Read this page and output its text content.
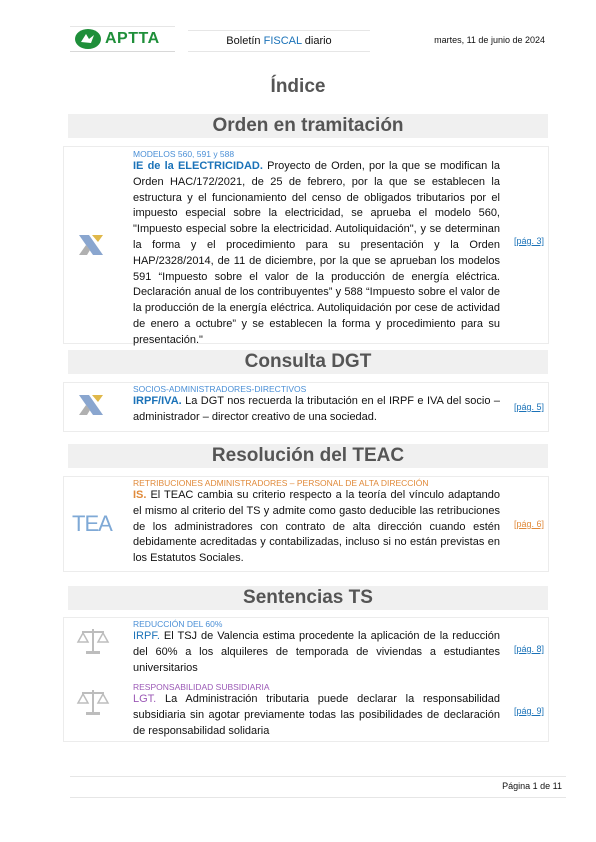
APTTA	Boletín FISCAL diario	martes, 11 de junio de 2024
Índice
Orden en tramitación
MODELOS 560, 591 y 588
IE de la ELECTRICIDAD. Proyecto de Orden, por la que se modifican la Orden HAC/172/2021, de 25 de febrero, por la que se establecen la estructura y el funcionamiento del censo de obligados tributarios por el impuesto especial sobre la electricidad, se aprueba el modelo 560, "Impuesto especial sobre la electricidad. Autoliquidación", y se determinan la forma y el procedimiento para su presentación y la Orden HAP/2328/2014, de 11 de diciembre, por la que se aprueban los modelos 591 “Impuesto sobre el valor de la producción de energía eléctrica. Declaración anual de los contribuyentes” y 588 “Impuesto sobre el valor de la producción de la energía eléctrica. Autoliquidación por cese de actividad de enero a octubre” y se establecen la forma y procedimiento para su presentación."
[pág. 3]
Consulta DGT
SOCIOS-ADMINISTRADORES-DIRECTIVOS
IRPF/IVA. La DGT nos recuerda la tributación en el IRPF e IVA del socio – administrador – director creativo de una sociedad.
[pág. 5]
Resolución del TEAC
TEA
RETRIBUCIONES ADMINISTRADORES – PERSONAL DE ALTA DIRECCIÓN
IS. El TEAC cambia su criterio respecto a la teoría del vínculo adaptando el mismo al criterio del TS y admite como gasto deducible las retribuciones de los administradores con contrato de alta dirección cuando estén debidamente acreditadas y contabilizadas, incluso si no están previstas en los Estatutos Sociales.
[pág. 6]
Sentencias TS
REDUCCIÓN DEL 60%
IRPF. El TSJ de Valencia estima procedente la aplicación de la reducción del 60% a los alquileres de temporada de viviendas a estudiantes universitarios
[pág. 8]
RESPONSABILIDAD SUBSIDIARIA
LGT. La Administración tributaria puede declarar la responsabilidad subsidiaria sin agotar previamente todas las posibilidades de declaración de responsabilidad solidaria
[pág. 9]
Página 1 de 11
